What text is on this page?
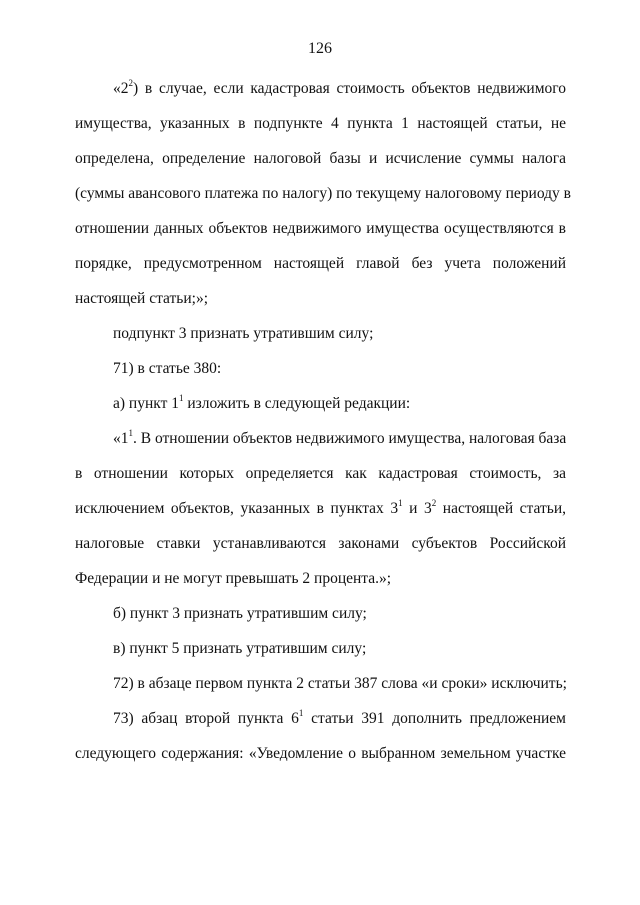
126
«$2^2$) в случае, если кадастровая стоимость объектов недвижимого
имущества, указанных в подпункте 4 пункта 1 настоящей статьи, не
определена, определение налоговой базы и исчисление суммы налога
(суммы авансового платежа по налогу) по текущему налоговому периоду в
отношении данных объектов недвижимого имущества осуществляются в
порядке, предусмотренном настоящей главой без учета положений
настоящей статьи;»;
подпункт 3 признать утратившим силу;
71) в статье 380:
а) пункт $1^1$ изложить в следующей редакции:
«$1^1$. В отношении объектов недвижимого имущества, налоговая база
в отношении которых определяется как кадастровая стоимость, за
исключением объектов, указанных в пунктах $3^1$ и $3^2$ настоящей статьи,
налоговые ставки устанавливаются законами субъектов Российской
Федерации и не могут превышать 2 процента.»;
б) пункт 3 признать утратившим силу;
в) пункт 5 признать утратившим силу;
72) в абзаце первом пункта 2 статьи 387 слова «и сроки» исключить;
73) абзац второй пункта $6^1$ статьи 391 дополнить предложением
следующего содержания: «Уведомление о выбранном земельном участке
